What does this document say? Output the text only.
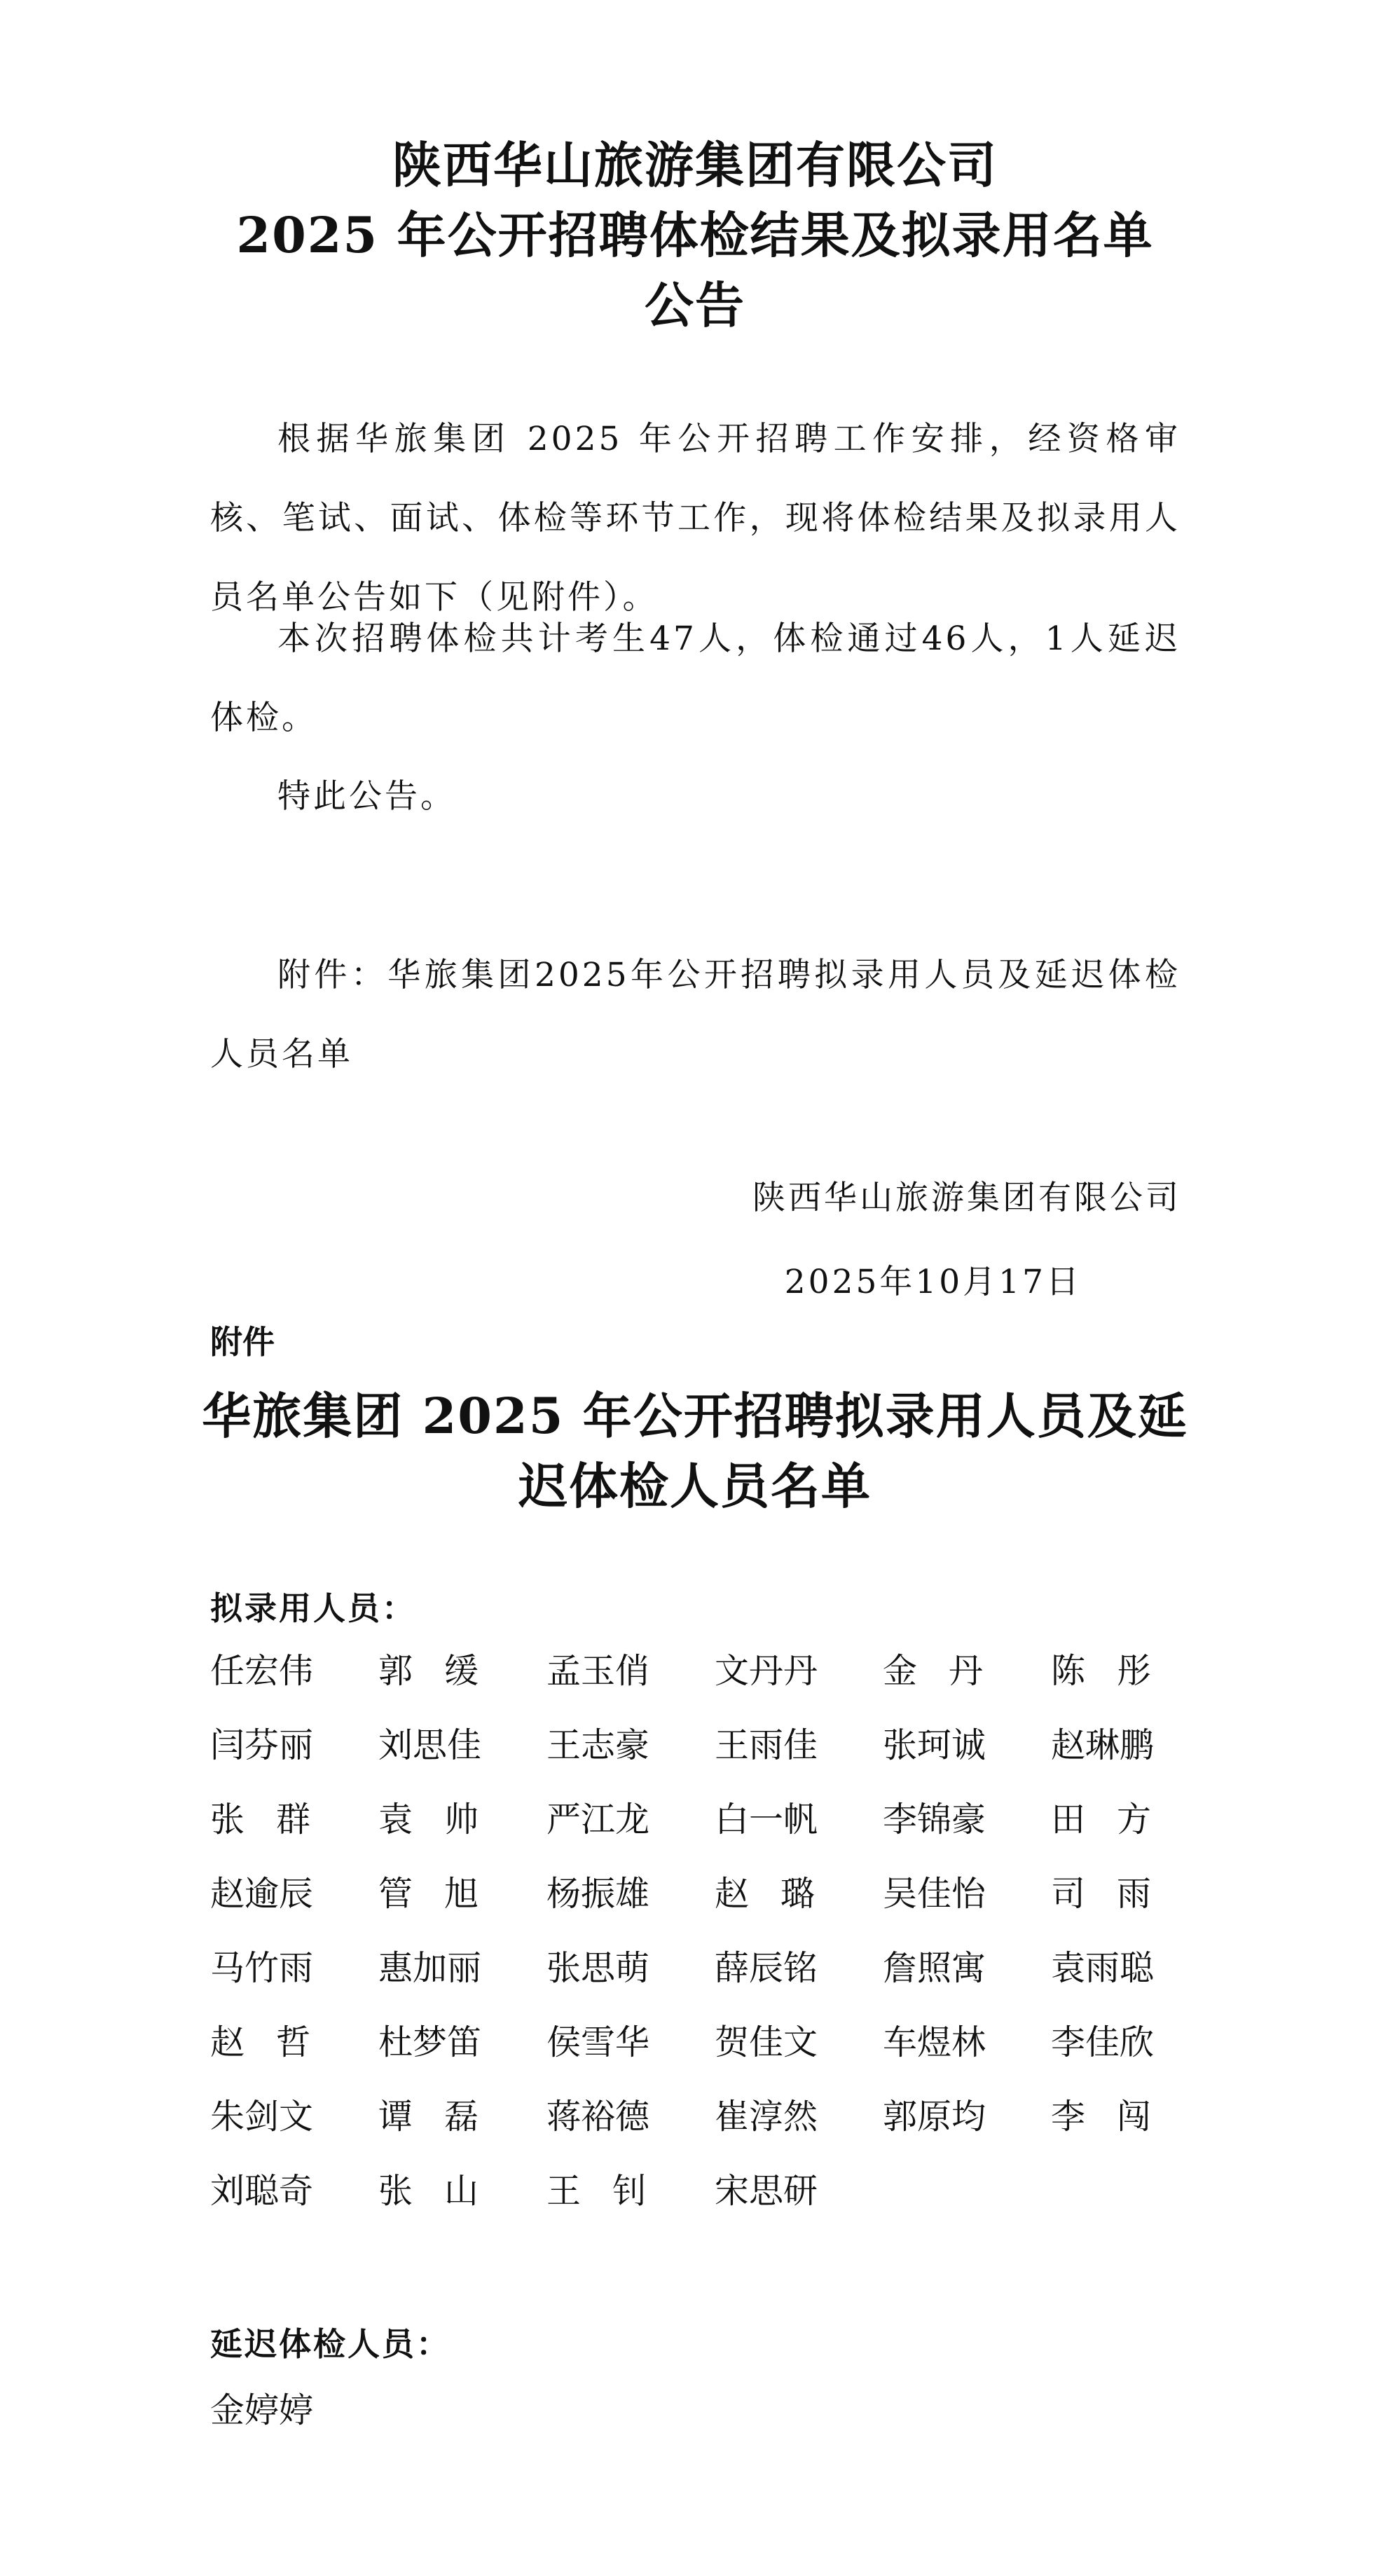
陕西华山旅游集团有限公司
2025 年公开招聘体检结果及拟录用名单
公告

根据华旅集团 2025 年公开招聘工作安排，经资格审核、笔试、面试、体检等环节工作，现将体检结果及拟录用人员名单公告如下（见附件）。

本次招聘体检共计考生47人，体检通过46人，1人延迟体检。

特此公告。

附件：华旅集团2025年公开招聘拟录用人员及延迟体检人员名单

陕西华山旅游集团有限公司
2025年10月17日
附件
华旅集团 2025 年公开招聘拟录用人员及延
迟体检人员名单
拟录用人员：
任宏伟	郭缓	孟玉俏	文丹丹	金丹	陈彤
闫芬丽	刘思佳	王志豪	王雨佳	张珂诚	赵琳鹏
张群	袁帅	严江龙	白一帆	李锦豪	田方
赵逾辰	管旭	杨振雄	赵璐	吴佳怡	司雨
马竹雨	惠加丽	张思萌	薛辰铭	詹照寓	袁雨聪
赵哲	杜梦笛	侯雪华	贺佳文	车煜林	李佳欣
朱剑文	谭磊	蒋裕德	崔淳然	郭原均	李闯
刘聪奇	张山	王钊	宋思研
延迟体检人员：
金婷婷
